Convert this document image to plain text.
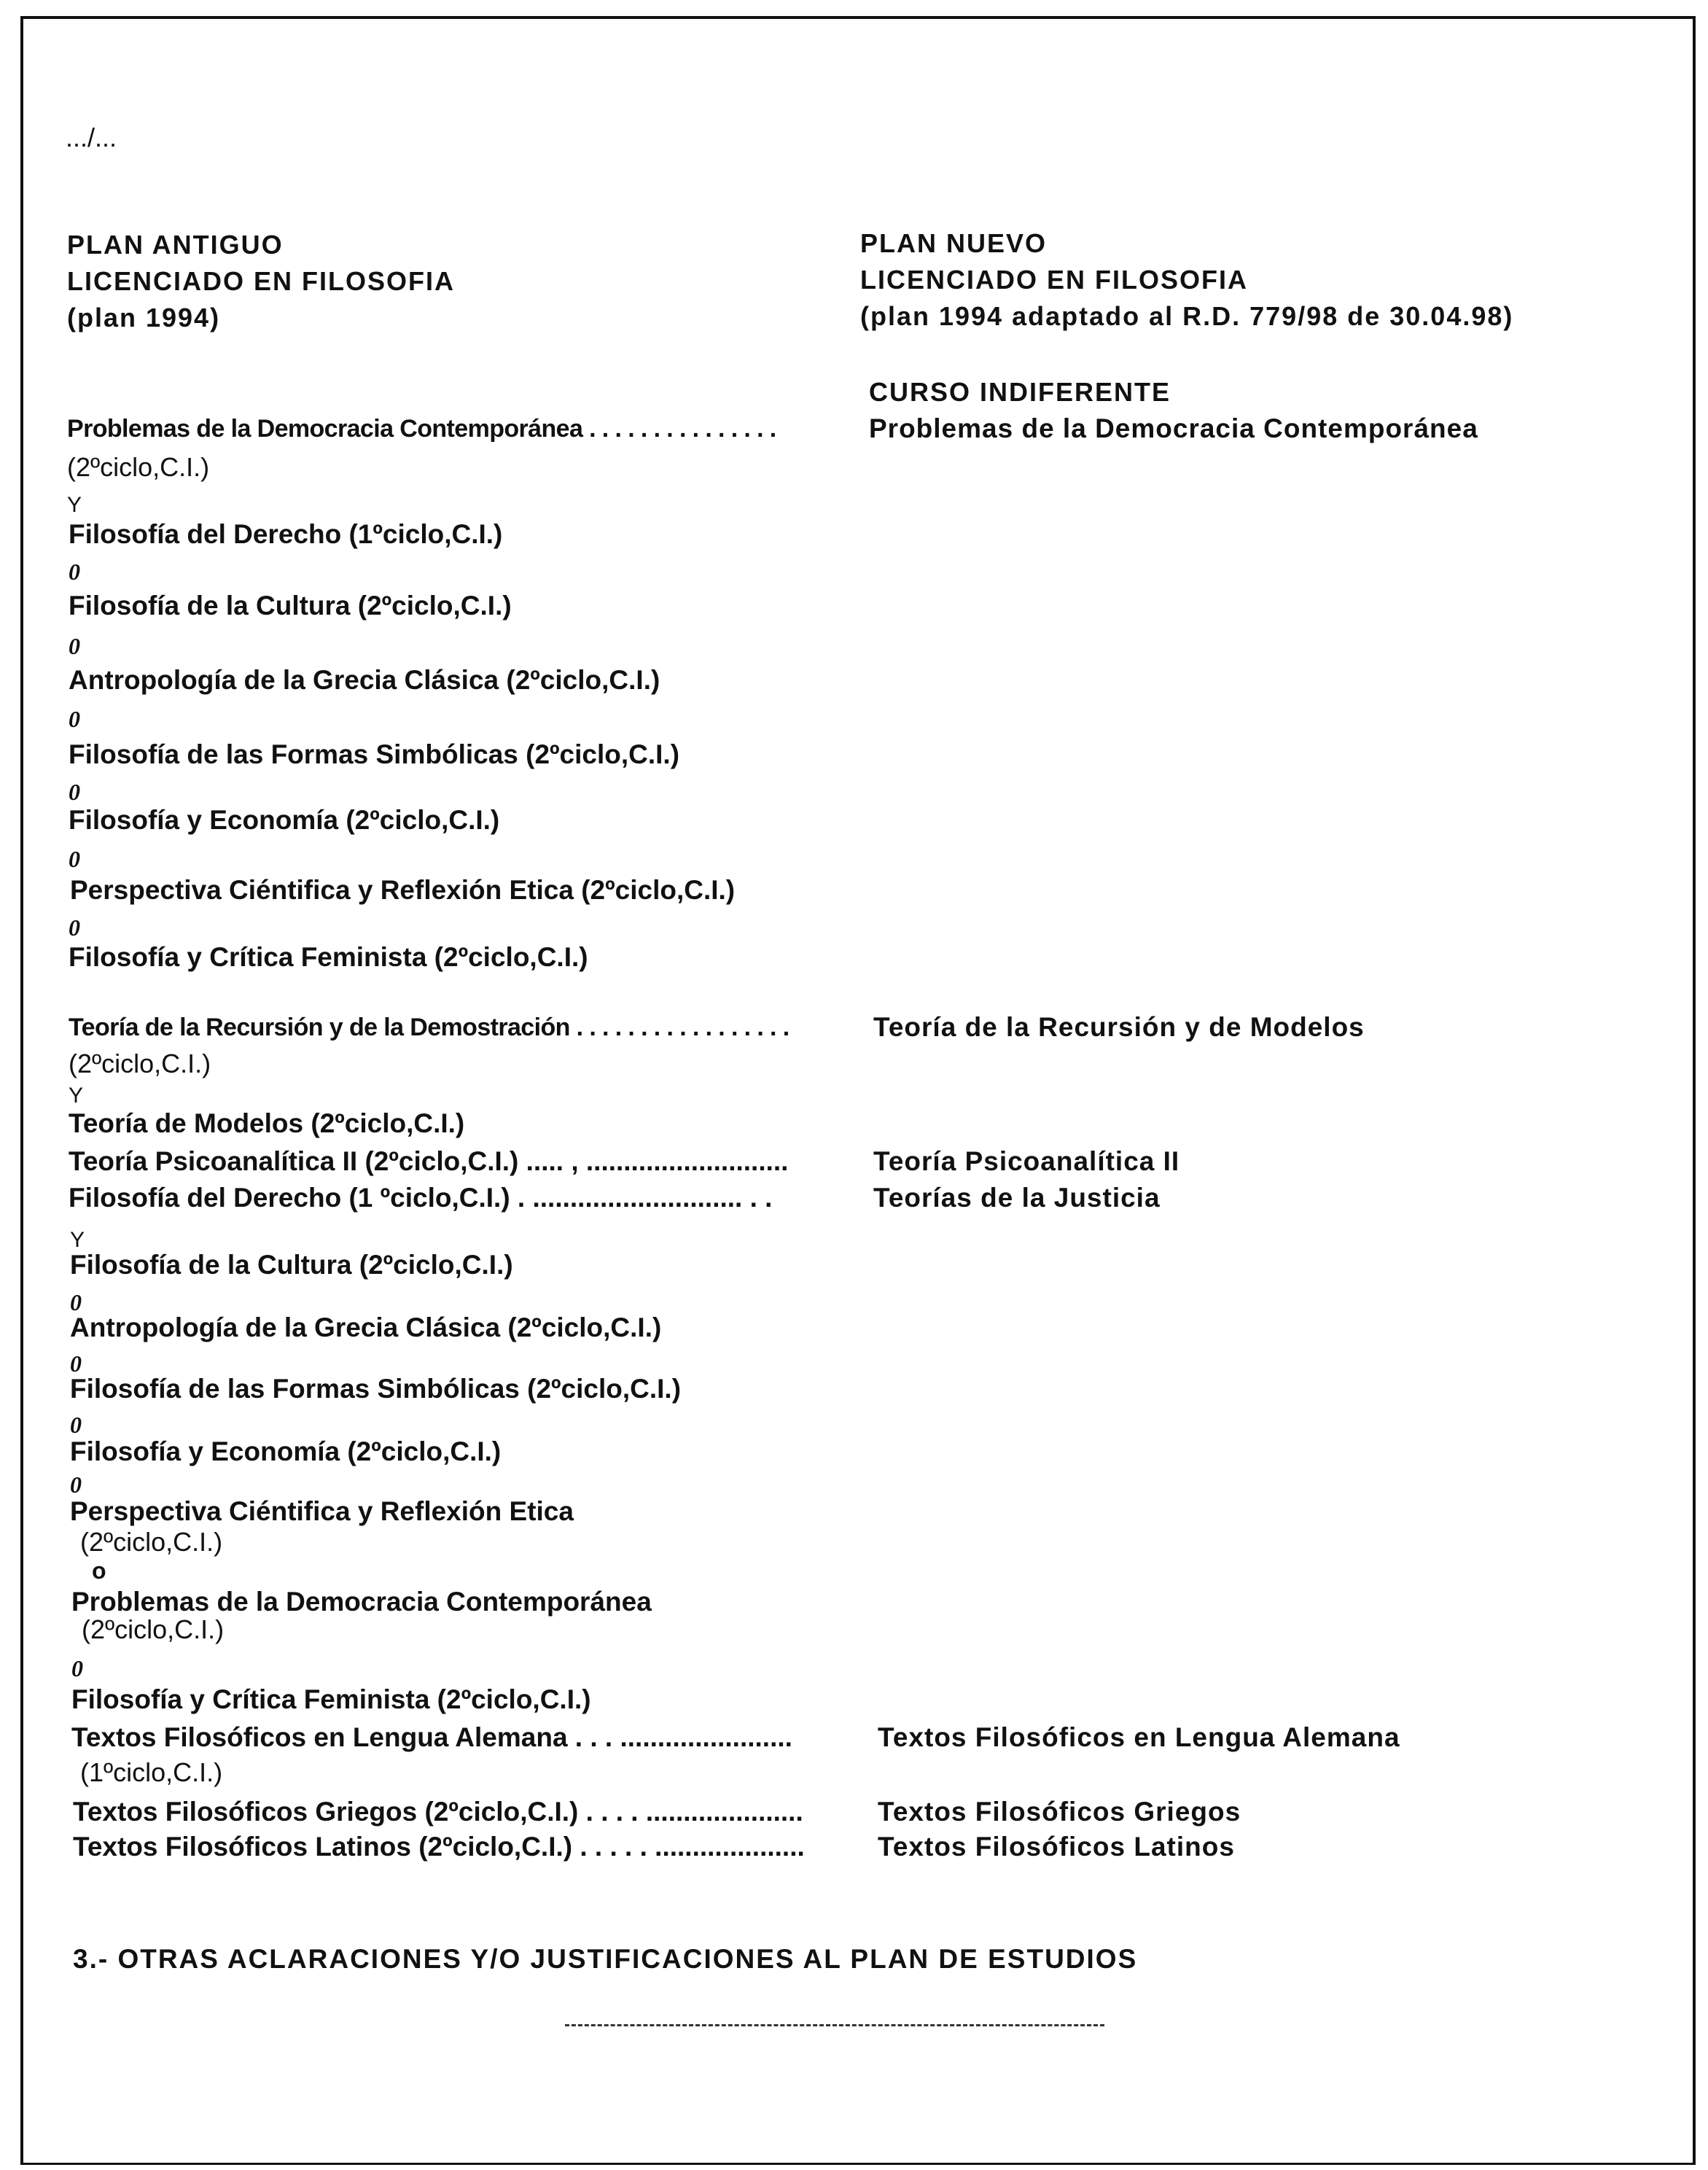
.../...
PLAN ANTIGUO
LICENCIADO EN FILOSOFIA
(plan 1994)
PLAN NUEVO
LICENCIADO EN FILOSOFIA
(plan 1994 adaptado al R.D. 779/98 de 30.04.98)
CURSO INDIFERENTE
Problemas de la Democracia Contemporánea . . . . . . . . . . . . . . .	Problemas de la Democracia Contemporánea
(2ºciclo,C.I.)
Y
Filosofía del Derecho (1ºciclo,C.I.)
0
Filosofía de la Cultura (2ºciclo,C.I.)
0
Antropología de la Grecia Clásica (2ºciclo,C.I.)
0
Filosofía de las Formas Simbólicas (2ºciclo,C.I.)
0
Filosofía y Economía (2ºciclo,C.I.)
0
Perspectiva Ciéntifica y Reflexión Etica (2ºciclo,C.I.)
0
Filosofía y Crítica Feminista (2ºciclo,C.I.)
Teoría de la Recursión y de la Demostración . . . . . . . . . . . . . . . . .	Teoría de la Recursión y de Modelos
(2ºciclo,C.I.)
Y
Teoría de Modelos (2ºciclo,C.I.)
Teoría Psicoanalítica II (2ºciclo,C.I.) ..... , ...........................	Teoría Psicoanalítica II
Filosofía del Derecho (1 ºciclo,C.I.) . ............................ . .	Teorías de la Justicia
Y
Filosofía de la Cultura (2ºciclo,C.I.)
0
Antropología de la Grecia Clásica (2ºciclo,C.I.)
0
Filosofía de las Formas Simbólicas (2ºciclo,C.I.)
0
Filosofía y Economía (2ºciclo,C.I.)
0
Perspectiva Ciéntifica y Reflexión Etica
(2ºciclo,C.I.)
o
Problemas de la Democracia Contemporánea
(2ºciclo,C.I.)
0
Filosofía y Crítica Feminista (2ºciclo,C.I.)
Textos Filosóficos en Lengua Alemana . . . .......................	Textos Filosóficos en Lengua Alemana
(1ºciclo,C.I.)
Textos Filosóficos Griegos (2ºciclo,C.I.) . . . . .....................	Textos Filosóficos Griegos
Textos Filosóficos Latinos (2ºciclo,C.I.) . . . . . ....................	Textos Filosóficos Latinos
3.- OTRAS ACLARACIONES Y/O JUSTIFICACIONES AL PLAN DE ESTUDIOS
